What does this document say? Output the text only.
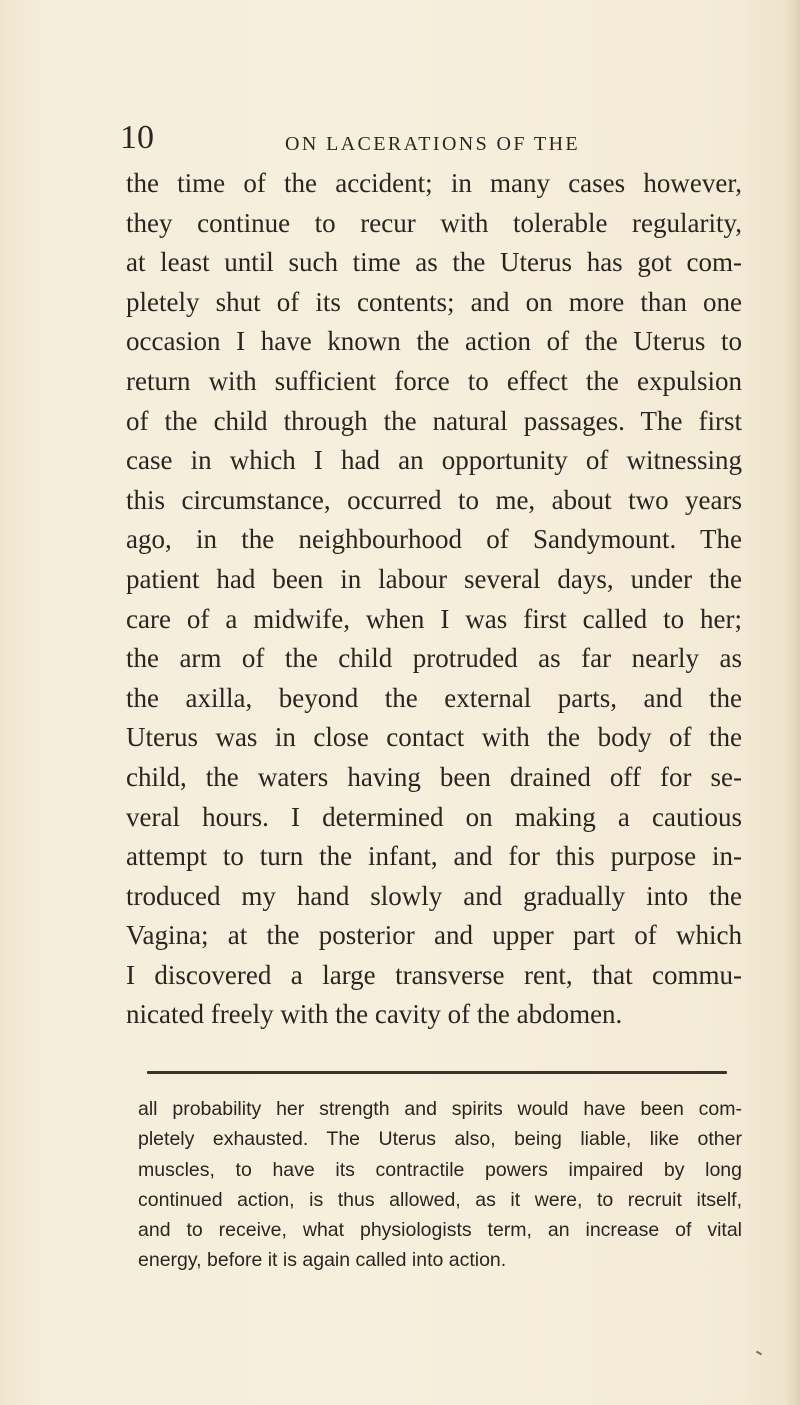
10	ON LACERATIONS OF THE
the time of the accident; in many cases however,
they continue to recur with tolerable regularity,
at least until such time as the Uterus has got com-
pletely shut of its contents; and on more than one
occasion I have known the action of the Uterus to
return with sufficient force to effect the expulsion
of the child through the natural passages. The first
case in which I had an opportunity of witnessing
this circumstance, occurred to me, about two years
ago, in the neighbourhood of Sandymount. The
patient had been in labour several days, under the
care of a midwife, when I was first called to her;
the arm of the child protruded as far nearly as
the axilla, beyond the external parts, and the
Uterus was in close contact with the body of the
child, the waters having been drained off for se-
veral hours. I determined on making a cautious
attempt to turn the infant, and for this purpose in-
troduced my hand slowly and gradually into the
Vagina; at the posterior and upper part of which
I discovered a large transverse rent, that commu-
nicated freely with the cavity of the abdomen.
all probability her strength and spirits would have been com-
pletely exhausted. The Uterus also, being liable, like other
muscles, to have its contractile powers impaired by long
continued action, is thus allowed, as it were, to recruit itself,
and to receive, what physiologists term, an increase of vital
energy, before it is again called into action.
